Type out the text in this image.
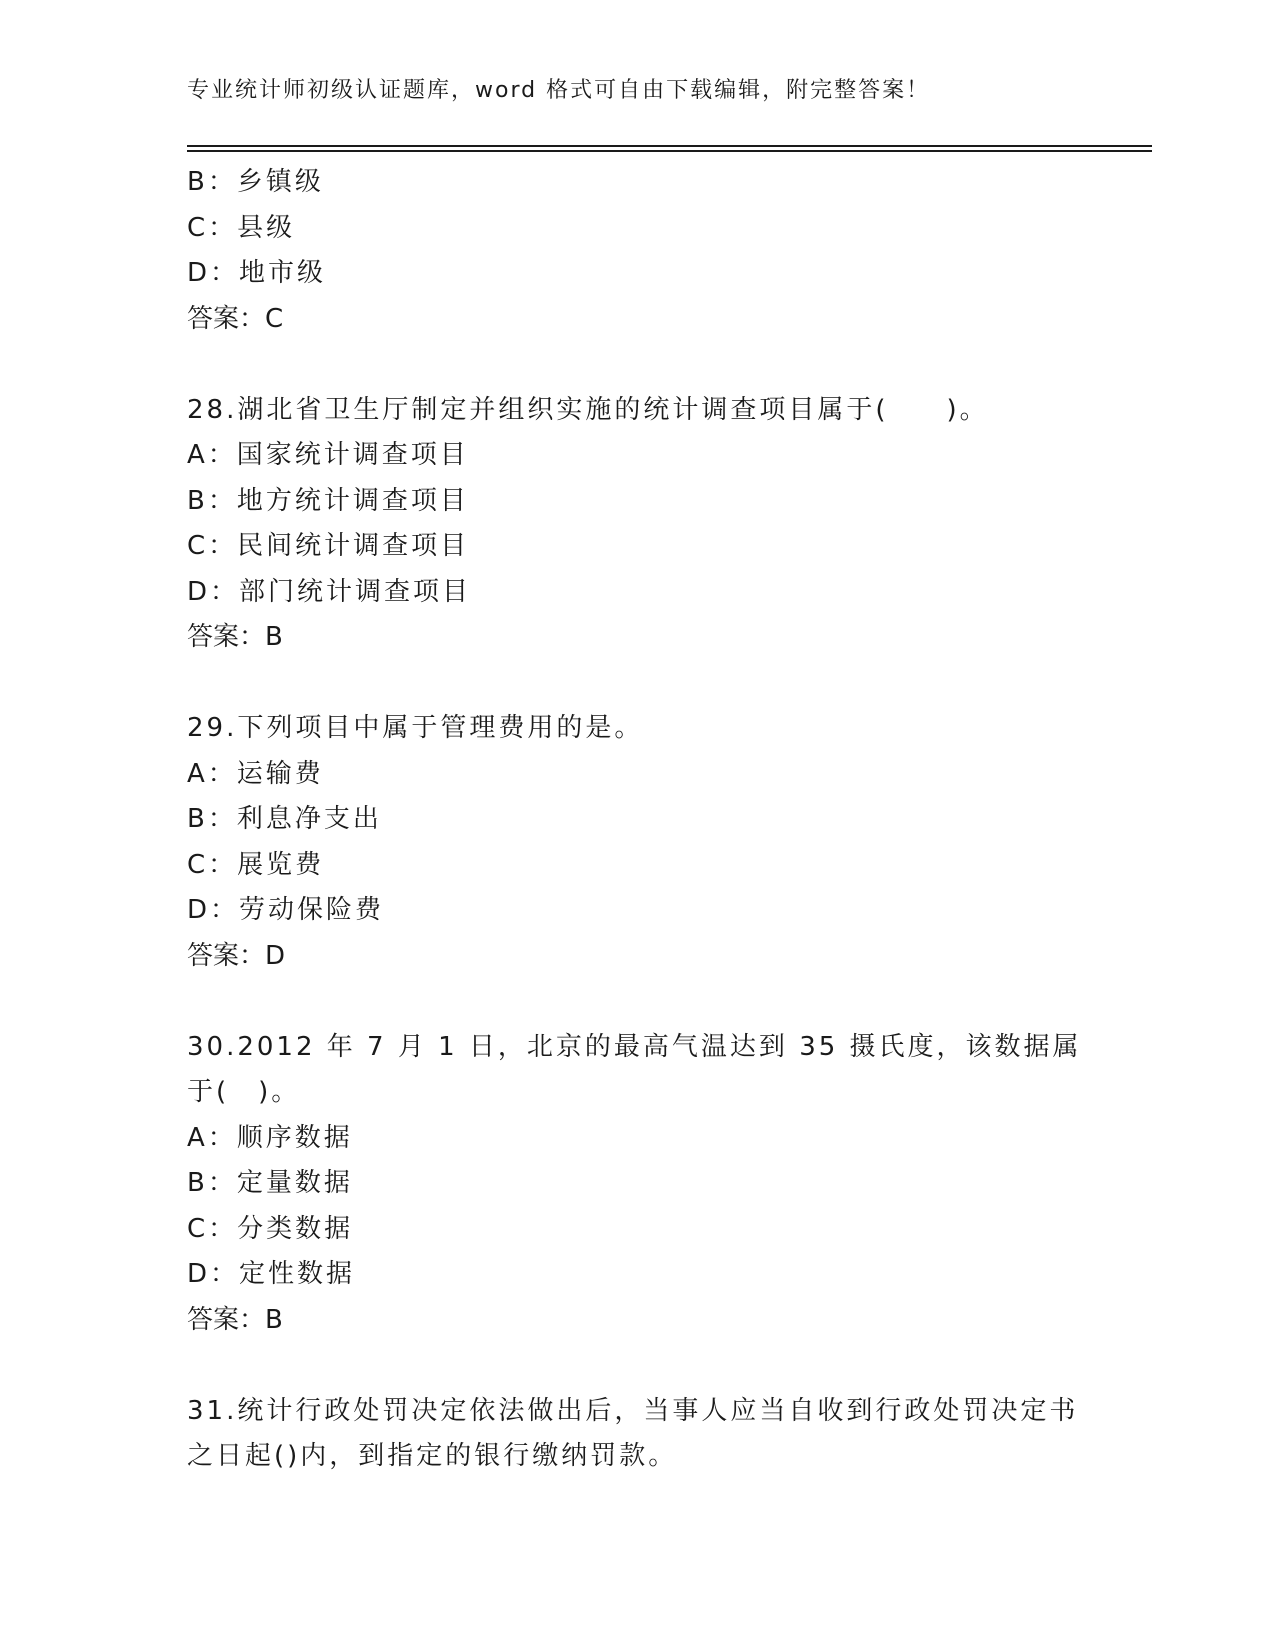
专业统计师初级认证题库，word 格式可自由下载编辑，附完整答案！
B：乡镇级
C：县级
D：地市级
答案：C
28.湖北省卫生厅制定并组织实施的统计调查项目属于(　　)。
A：国家统计调查项目
B：地方统计调查项目
C：民间统计调查项目
D：部门统计调查项目
答案：B
29.下列项目中属于管理费用的是。
A：运输费
B：利息净支出
C：展览费
D：劳动保险费
答案：D
30.2012 年 7 月 1 日，北京的最高气温达到 35 摄氏度，该数据属于(　)。
A：顺序数据
B：定量数据
C：分类数据
D：定性数据
答案：B
31.统计行政处罚决定依法做出后，当事人应当自收到行政处罚决定书之日起()内，到指定的银行缴纳罚款。
